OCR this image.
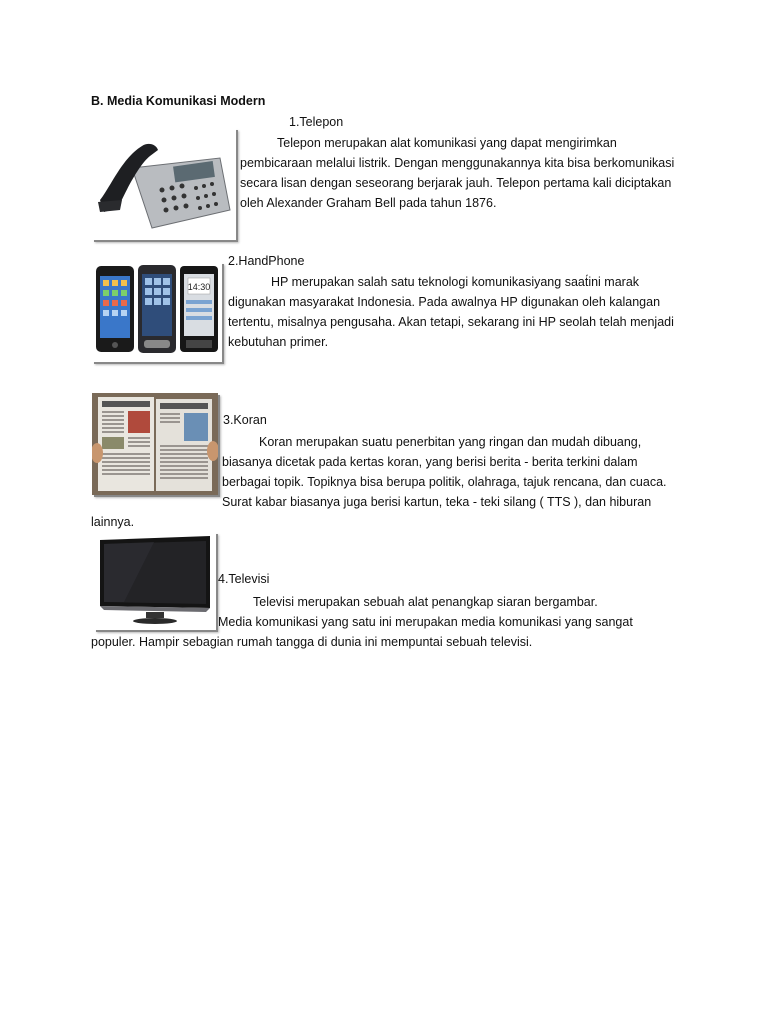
B. Media Komunikasi Modern
1.Telepon
Telepon merupakan alat komunikasi yang dapat mengirimkan
pembicaraan melalui listrik. Dengan menggunakannya kita bisa berkomunikasi
secara lisan dengan seseorang berjarak jauh. Telepon pertama kali diciptakan
oleh Alexander Graham Bell pada tahun 1876.
14:30
2.HandPhone
HP merupakan salah satu teknologi komunikasiyang saat́ini marak
digunakan masyarakat Indonesia. Pada awalnya HP digunakan oleh kalangan
tertentu, misalnya pengusaha. Akan tetapi, sekarang ini HP seolah telah menjadi
kebutuhan primer.
3.Koran
Koran merupakan suatu penerbitan yang ringan dan mudah dibuang,
biasanya dicetak pada kertas koran, yang berisi berita - berita terkini dalam
berbagai topik. Topiknya bisa berupa politik, olahraga, tajuk rencana, dan cuaca.
Surat kabar biasanya juga berisi kartun, teka - teki silang ( TTS ), dan hiburan
lainnya.
4.Televisi
Televisi merupakan sebuah alat penangkap siaran bergambar.
Media komunikasi yang satu ini merupakan media komunikasi yang sangat
populer. Hampir sebagian rumah tangga di dunia ini mempuntai sebuah televisi.
